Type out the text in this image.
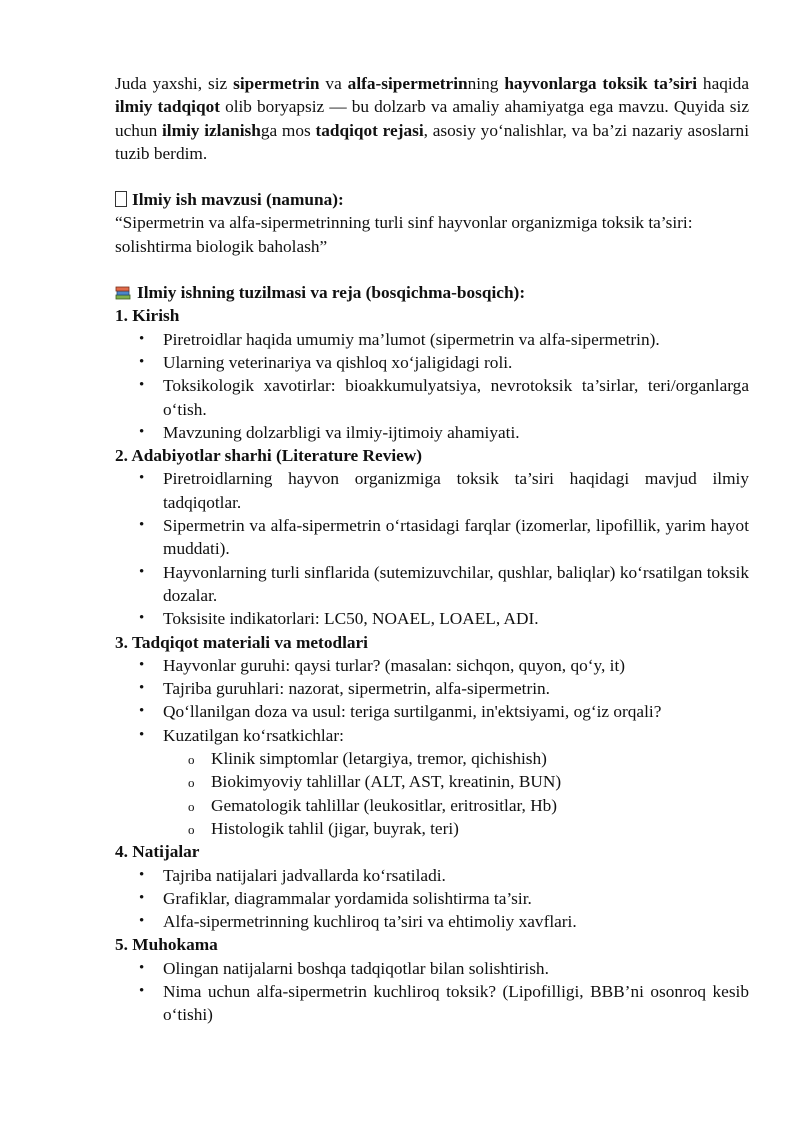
Juda yaxshi, siz sipermetrin va alfa-sipermetrinning hayvonlarga toksik ta’siri haqida ilmiy tadqiqot olib boryapsiz — bu dolzarb va amaliy ahamiyatga ega mavzu. Quyida siz uchun ilmiy izlanishga mos tadqiqot rejasi, asosiy yo‘nalishlar, va ba’zi nazariy asoslarni tuzib berdim.

Ilmiy ish mavzusi (namuna):

“Sipermetrin va alfa-sipermetrinning turli sinf hayvonlar organizmiga toksik ta’siri: solishtirma biologik baholash”

Ilmiy ishning tuzilmasi va reja (bosqichma-bosqich):
1. Kirish
• Piretroidlar haqida umumiy ma’lumot (sipermetrin va alfa-sipermetrin).
• Ularning veterinariya va qishloq xo‘jaligidagi roli.
• Toksikologik xavotirlar: bioakkumulyatsiya, nevrotoksik ta’sirlar, teri/organlarga o‘tish.
• Mavzuning dolzarbligi va ilmiy-ijtimoiy ahamiyati.
2. Adabiyotlar sharhi (Literature Review)
• Piretroidlarning hayvon organizmiga toksik ta’siri haqidagi mavjud ilmiy tadqiqotlar.
• Sipermetrin va alfa-sipermetrin o‘rtasidagi farqlar (izomerlar, lipofillik, yarim hayot muddati).
• Hayvonlarning turli sinflarida (sutemizuvchilar, qushlar, baliqlar) ko‘rsatilgan toksik dozalar.
• Toksisite indikatorlari: LC50, NOAEL, LOAEL, ADI.
3. Tadqiqot materiali va metodlari
• Hayvonlar guruhi: qaysi turlar? (masalan: sichqon, quyon, qo‘y, it)
• Tajriba guruhlari: nazorat, sipermetrin, alfa-sipermetrin.
• Qo‘llanilgan doza va usul: teriga surtilganmi, in'ektsiyami, og‘iz orqali?
• Kuzatilgan ko‘rsatkichlar:
o Klinik simptomlar (letargiya, tremor, qichishish)
o Biokimyoviy tahlillar (ALT, AST, kreatinin, BUN)
o Gematologik tahlillar (leukositlar, eritrositlar, Hb)
o Histologik tahlil (jigar, buyrak, teri)
4. Natijalar
• Tajriba natijalari jadvallarda ko‘rsatiladi.
• Grafiklar, diagrammalar yordamida solishtirma ta’sir.
• Alfa-sipermetrinning kuchliroq ta’siri va ehtimoliy xavflari.
5. Muhokama
• Olingan natijalarni boshqa tadqiqotlar bilan solishtirish.
• Nima uchun alfa-sipermetrin kuchliroq toksik? (Lipofilligi, BBB’ni osonroq kesib o‘tishi)
